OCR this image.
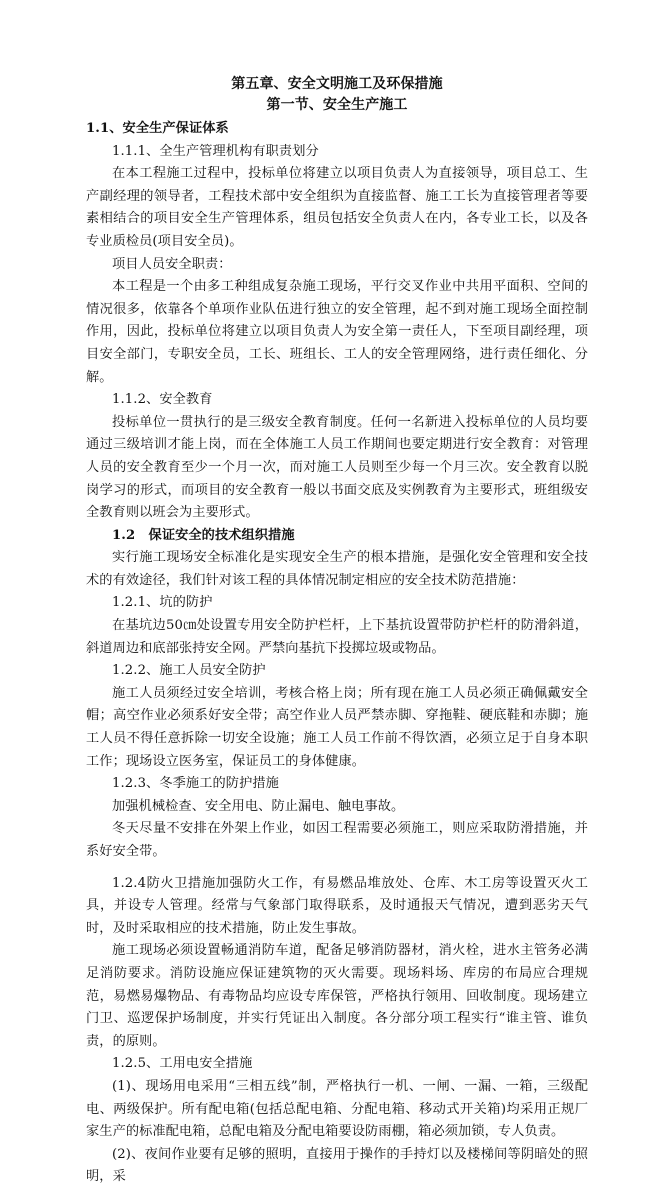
第五章、安全文明施工及环保措施

第一节、安全生产施工

1.1、安全生产保证体系

1.1.1、全生产管理机构有职责划分

在本工程施工过程中，投标单位将建立以项目负责人为直接领导，项目总工、生产副经理的领导者，工程技术部中安全组织为直接监督、施工工长为直接管理者等要素相结合的项目安全生产管理体系，组员包括安全负责人在内，各专业工长，以及各专业质检员(项目安全员)。

项目人员安全职责：

本工程是一个由多工种组成复杂施工现场，平行交叉作业中共用平面积、空间的情况很多，依靠各个单项作业队伍进行独立的安全管理，起不到对施工现场全面控制作用，因此，投标单位将建立以项目负责人为安全第一责任人，下至项目副经理，项目安全部门，专职安全员，工长、班组长、工人的安全管理网络，进行责任细化、分解。

1.1.2、安全教育

投标单位一贯执行的是三级安全教育制度。任何一名新进入投标单位的人员均要通过三级培训才能上岗，而在全体施工人员工作期间也要定期进行安全教育：对管理人员的安全教育至少一个月一次，而对施工人员则至少每一个月三次。安全教育以脱岗学习的形式，而项目的安全教育一般以书面交底及实例教育为主要形式，班组级安全教育则以班会为主要形式。

1.2　保证安全的技术组织措施

实行施工现场安全标准化是实现安全生产的根本措施，是强化安全管理和安全技术的有效途径，我们针对该工程的具体情况制定相应的安全技术防范措施：

1.2.1、坑的防护

在基坑边50㎝处设置专用安全防护栏杆，上下基抗设置带防护栏杆的防滑斜道，斜道周边和底部张持安全网。严禁向基抗下投掷垃圾或物品。

1.2.2、施工人员安全防护

施工人员须经过安全培训，考核合格上岗；所有现在施工人员必须正确佩戴安全帽；高空作业必须系好安全带；高空作业人员严禁赤脚、穿拖鞋、硬底鞋和赤脚；施工人员不得任意拆除一切安全设施；施工人员工作前不得饮酒，必须立足于自身本职工作；现场设立医务室，保证员工的身体健康。

1.2.3、冬季施工的防护措施

加强机械检查、安全用电、防止漏电、触电事故。

冬天尽量不安排在外架上作业，如因工程需要必须施工，则应采取防滑措施，并系好安全带。

1.2.4防火卫措施加强防火工作，有易燃品堆放处、仓库、木工房等设置灭火工具，并设专人管理。经常与气象部门取得联系，及时通报天气情况，遭到恶劣天气时，及时采取相应的技术措施，防止发生事故。

施工现场必须设置畅通消防车道，配备足够消防器材，消火栓，进水主管务必满足消防要求。消防设施应保证建筑物的灭火需要。现场料场、库房的布局应合理规范，易燃易爆物品、有毒物品均应设专库保管，严格执行领用、回收制度。现场建立门卫、巡逻保护场制度，并实行凭证出入制度。各分部分项工程实行“谁主管、谁负责，的原则。

1.2.5、工用电安全措施

(1)、现场用电采用“三相五线”制，严格执行一机、一闸、一漏、一箱，三级配电、两级保护。所有配电箱(包括总配电箱、分配电箱、移动式开关箱)均采用正规厂家生产的标准配电箱，总配电箱及分配电箱要设防雨棚，箱必须加锁，专人负责。

(2)、夜间作业要有足够的照明，直接用于操作的手持灯以及楼梯间等阴暗处的照明，采
